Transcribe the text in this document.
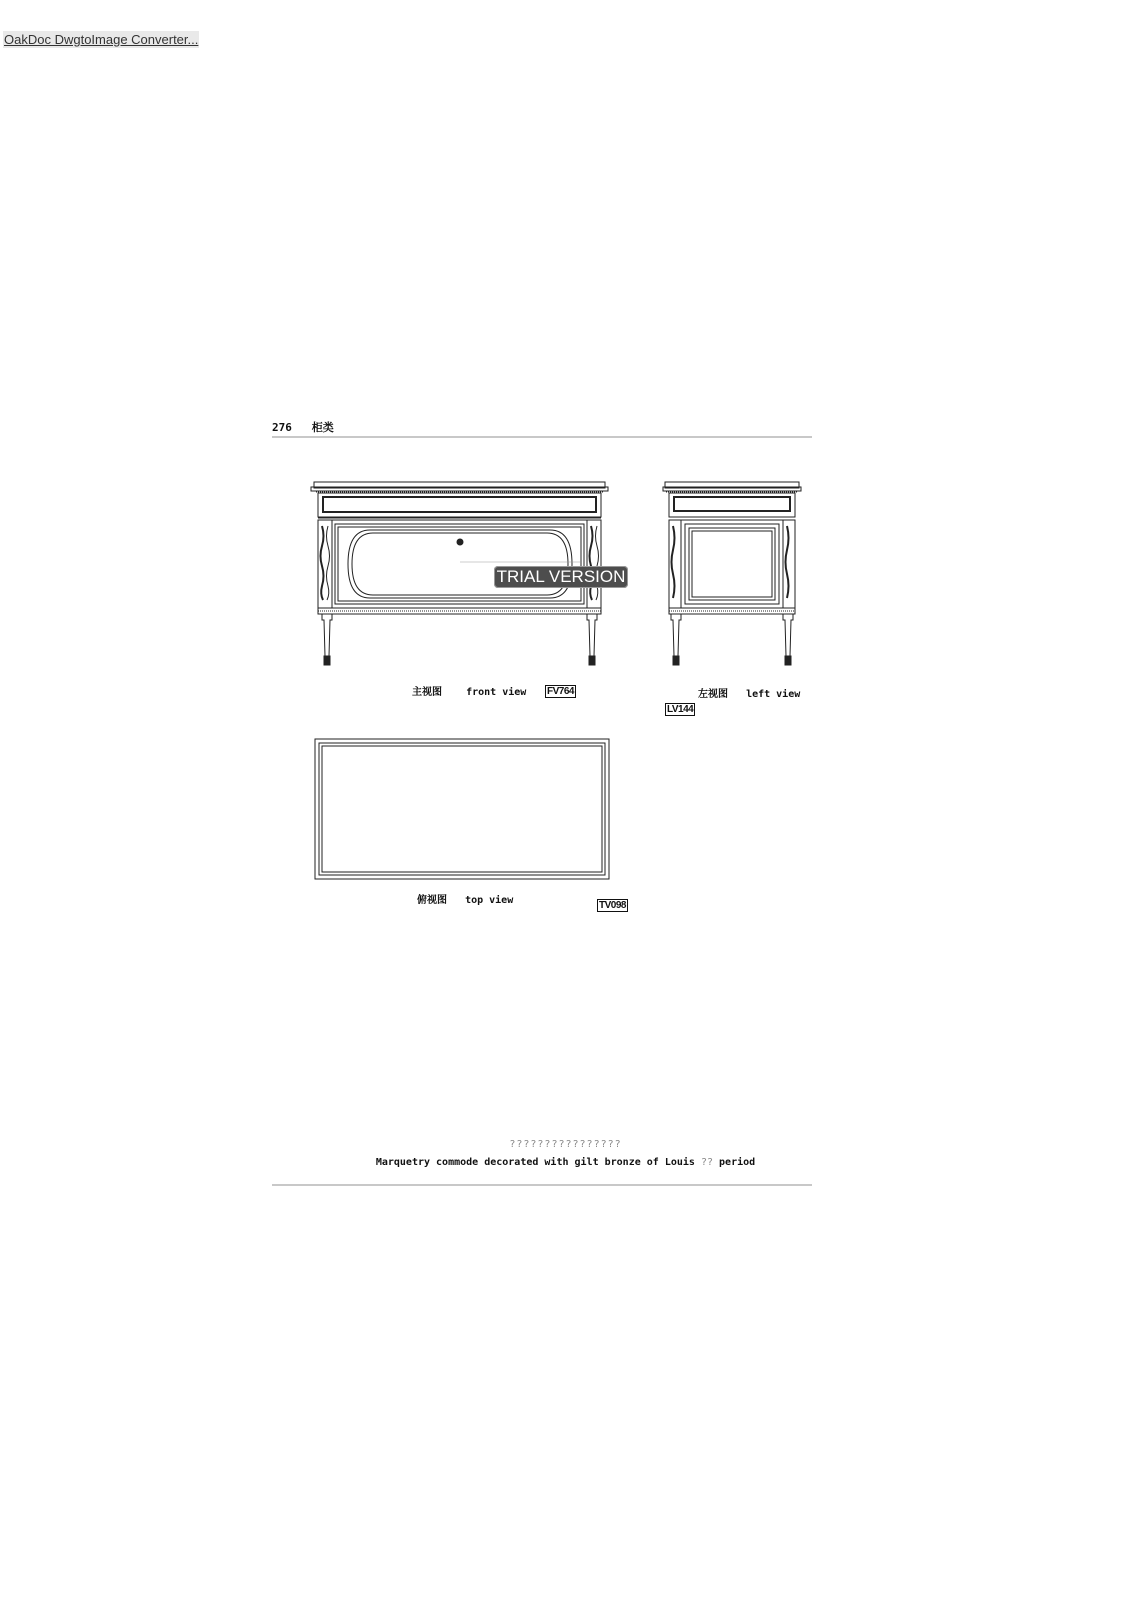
OakDoc DwgtoImage Converter...
276 柜类
TRIAL VERSION
主视图 front view FV764	左视图 left view
LV144
俯视图 top view	TV098
????????????????
Marquetry commode decorated with gilt bronze of Louis ?? period
